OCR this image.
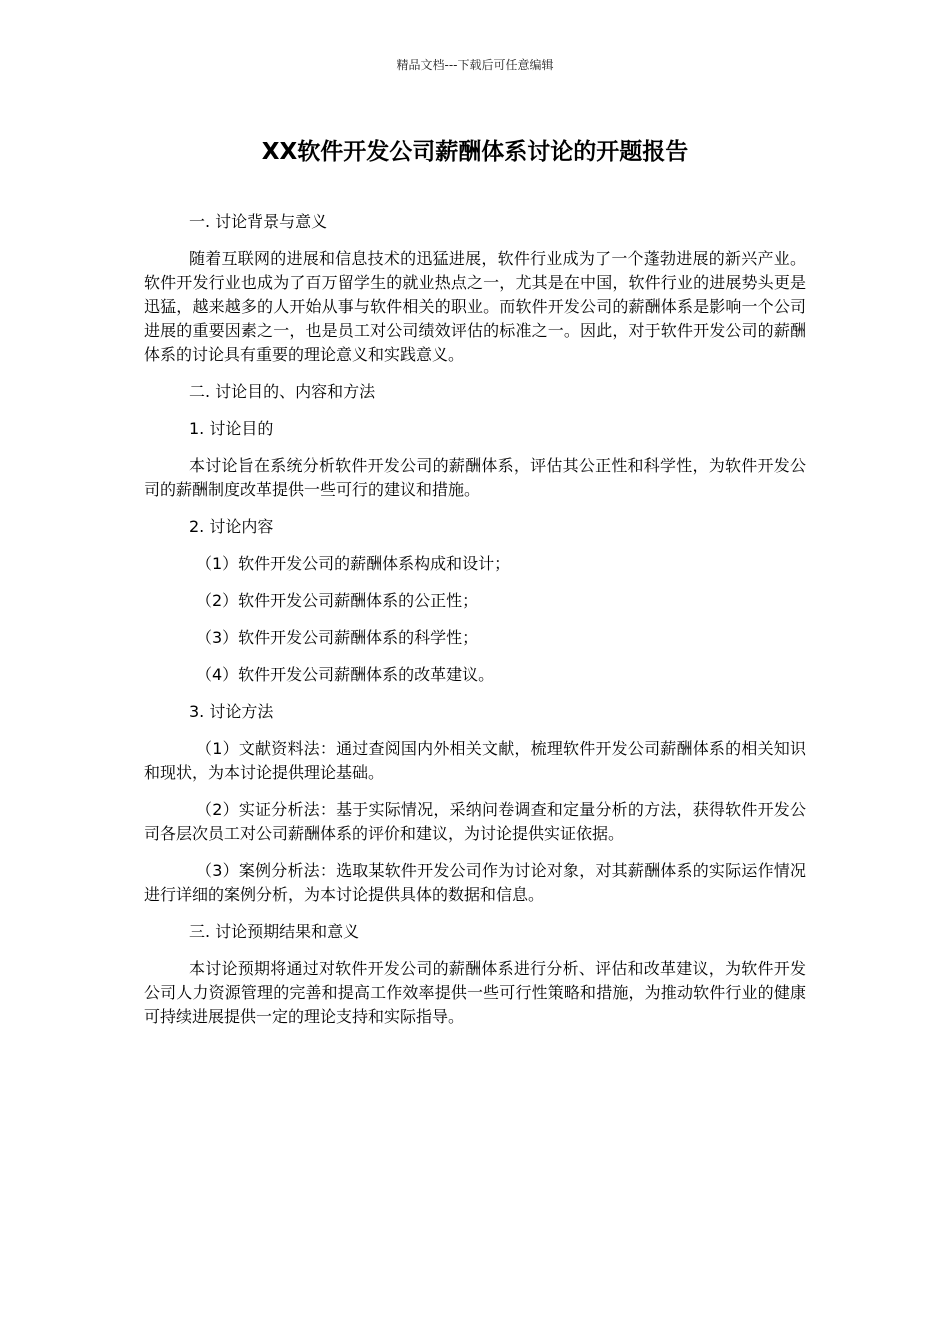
精品文档---下载后可任意编辑
XX软件开发公司薪酬体系讨论的开题报告

一. 讨论背景与意义

随着互联网的进展和信息技术的迅猛进展，软件行业成为了一个蓬勃进展的新兴产业。软件开发行业也成为了百万留学生的就业热点之一，尤其是在中国，软件行业的进展势头更是迅猛，越来越多的人开始从事与软件相关的职业。而软件开发公司的薪酬体系是影响一个公司进展的重要因素之一，也是员工对公司绩效评估的标准之一。因此，对于软件开发公司的薪酬体系的讨论具有重要的理论意义和实践意义。

二. 讨论目的、内容和方法

1. 讨论目的

本讨论旨在系统分析软件开发公司的薪酬体系，评估其公正性和科学性，为软件开发公司的薪酬制度改革提供一些可行的建议和措施。

2. 讨论内容

（1）软件开发公司的薪酬体系构成和设计；

（2）软件开发公司薪酬体系的公正性；

（3）软件开发公司薪酬体系的科学性；

（4）软件开发公司薪酬体系的改革建议。

3. 讨论方法

（1）文献资料法：通过查阅国内外相关文献，梳理软件开发公司薪酬体系的相关知识和现状，为本讨论提供理论基础。

（2）实证分析法：基于实际情况，采纳问卷调查和定量分析的方法，获得软件开发公司各层次员工对公司薪酬体系的评价和建议，为讨论提供实证依据。

（3）案例分析法：选取某软件开发公司作为讨论对象，对其薪酬体系的实际运作情况进行详细的案例分析，为本讨论提供具体的数据和信息。

三. 讨论预期结果和意义

本讨论预期将通过对软件开发公司的薪酬体系进行分析、评估和改革建议，为软件开发公司人力资源管理的完善和提高工作效率提供一些可行性策略和措施，为推动软件行业的健康可持续进展提供一定的理论支持和实际指导。
